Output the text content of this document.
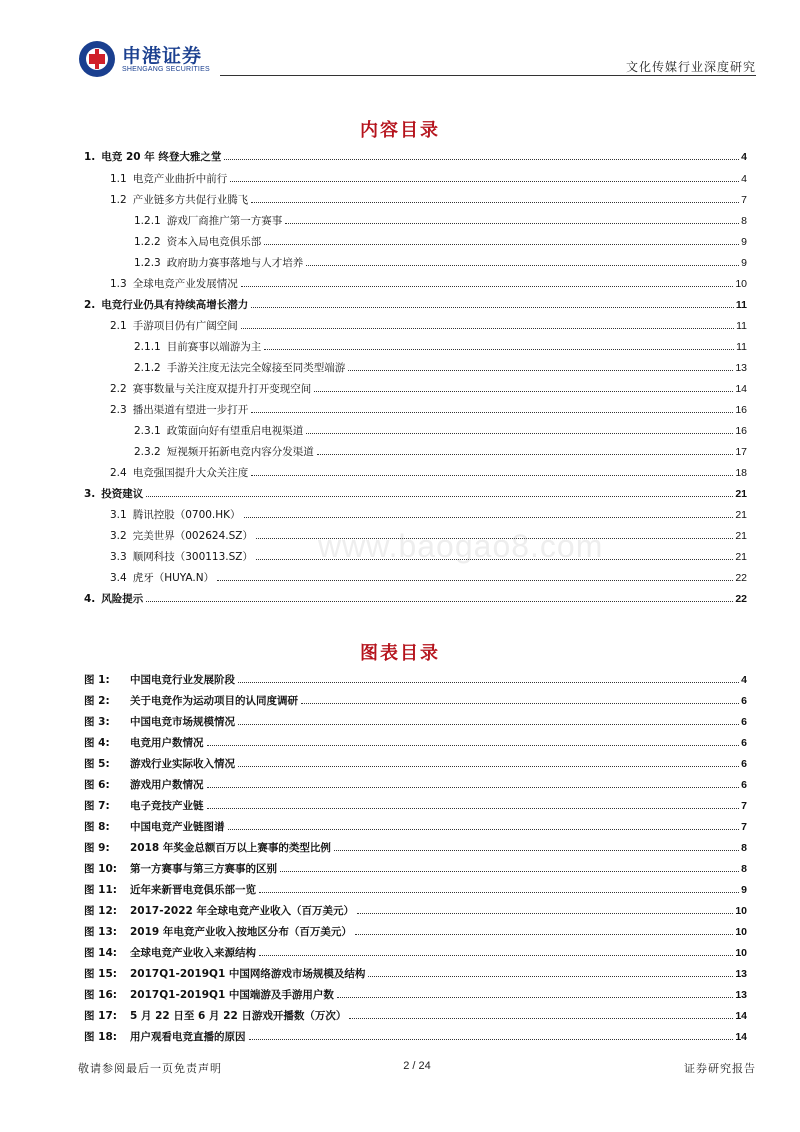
申港证券
SHENGANG SECURITIES	文化传媒行业深度研究
内容目录
1. 电竞 20 年 终登大雅之堂	4
1.1 电竞产业曲折中前行	4
1.2 产业链多方共促行业腾飞	7
1.2.1 游戏厂商推广第一方赛事	8
1.2.2 资本入局电竞俱乐部	9
1.2.3 政府助力赛事落地与人才培养	9
1.3 全球电竞产业发展情况	10
2. 电竞行业仍具有持续高增长潜力	11
2.1 手游项目仍有广阔空间	11
2.1.1 目前赛事以端游为主	11
2.1.2 手游关注度无法完全嫁接至同类型端游	13
2.2 赛事数量与关注度双提升打开变现空间	14
2.3 播出渠道有望进一步打开	16
2.3.1 政策面向好有望重启电视渠道	16
2.3.2 短视频开拓新电竞内容分发渠道	17
2.4 电竞强国提升大众关注度	18
3. 投资建议	21
3.1 腾讯控股（0700.HK）	21
3.2 完美世界（002624.SZ）	21
3.3 顺网科技（300113.SZ）	21
3.4 虎牙（HUYA.N）	22
4. 风险提示	22
www.baogao8.com
图表目录
图 1:	中国电竞行业发展阶段	4
图 2:	关于电竞作为运动项目的认同度调研	6
图 3:	中国电竞市场规模情况	6
图 4:	电竞用户数情况	6
图 5:	游戏行业实际收入情况	6
图 6:	游戏用户数情况	6
图 7:	电子竞技产业链	7
图 8:	中国电竞产业链图谱	7
图 9:	2018 年奖金总额百万以上赛事的类型比例	8
图 10:	第一方赛事与第三方赛事的区别	8
图 11:	近年来新晋电竞俱乐部一览	9
图 12:	2017-2022 年全球电竞产业收入（百万美元）	10
图 13:	2019 年电竞产业收入按地区分布（百万美元）	10
图 14:	全球电竞产业收入来源结构	10
图 15:	2017Q1-2019Q1 中国网络游戏市场规模及结构	13
图 16:	2017Q1-2019Q1 中国端游及手游用户数	13
图 17:	5 月 22 日至 6 月 22 日游戏开播数（万次）	14
图 18:	用户观看电竞直播的原因	14
敬请参阅最后一页免责声明	2 / 24	证券研究报告
